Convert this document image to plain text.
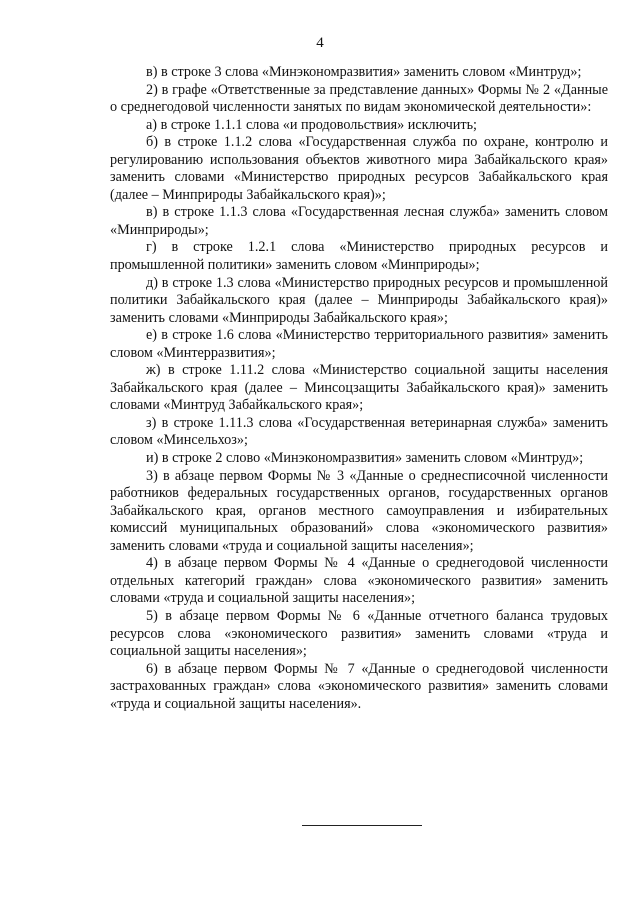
4

в) в строке 3 слова «Минэкономразвития» заменить словом «Минтруд»;

2) в графе «Ответственные за представление данных» Формы № 2 «Данные о среднегодовой численности занятых по видам экономической деятельности»:

а) в строке 1.1.1 слова «и продовольствия» исключить;

б) в строке 1.1.2 слова «Государственная служба по охране, контролю и регулированию использования объектов животного мира Забайкальского края» заменить словами «Министерство природных ресурсов Забайкальского края (далее – Минприроды Забайкальского края)»;

в) в строке 1.1.3 слова «Государственная лесная служба» заменить словом «Минприроды»;

г) в строке 1.2.1 слова «Министерство природных ресурсов и промышленной политики» заменить словом «Минприроды»;

д) в строке 1.3 слова «Министерство природных ресурсов и промышленной политики Забайкальского края (далее – Минприроды Забайкальского края)» заменить словами «Минприроды Забайкальского края»;

е) в строке 1.6 слова «Министерство территориального развития» заменить словом «Минтерразвития»;

ж) в строке 1.11.2 слова «Министерство социальной защиты населения Забайкальского края (далее – Минсоцзащиты Забайкальского края)» заменить словами «Минтруд Забайкальского края»;

з) в строке 1.11.3 слова «Государственная ветеринарная служба» заменить словом «Минсельхоз»;

и) в строке 2 слово «Минэкономразвития» заменить словом «Минтруд»;

3) в абзаце первом Формы № 3 «Данные о среднесписочной численности работников федеральных государственных органов, государственных органов Забайкальского края, органов местного самоуправления и избирательных комиссий муниципальных образований» слова «экономического развития» заменить словами «труда и социальной защиты населения»;

4) в абзаце первом Формы № 4 «Данные о среднегодовой численности отдельных категорий граждан» слова «экономического развития» заменить словами «труда и социальной защиты населения»;

5) в абзаце первом Формы № 6 «Данные отчетного баланса трудовых ресурсов слова «экономического развития» заменить словами «труда и социальной защиты населения»;

6) в абзаце первом Формы № 7 «Данные о среднегодовой численности застрахованных граждан» слова «экономического развития» заменить словами «труда и социальной защиты населения».
